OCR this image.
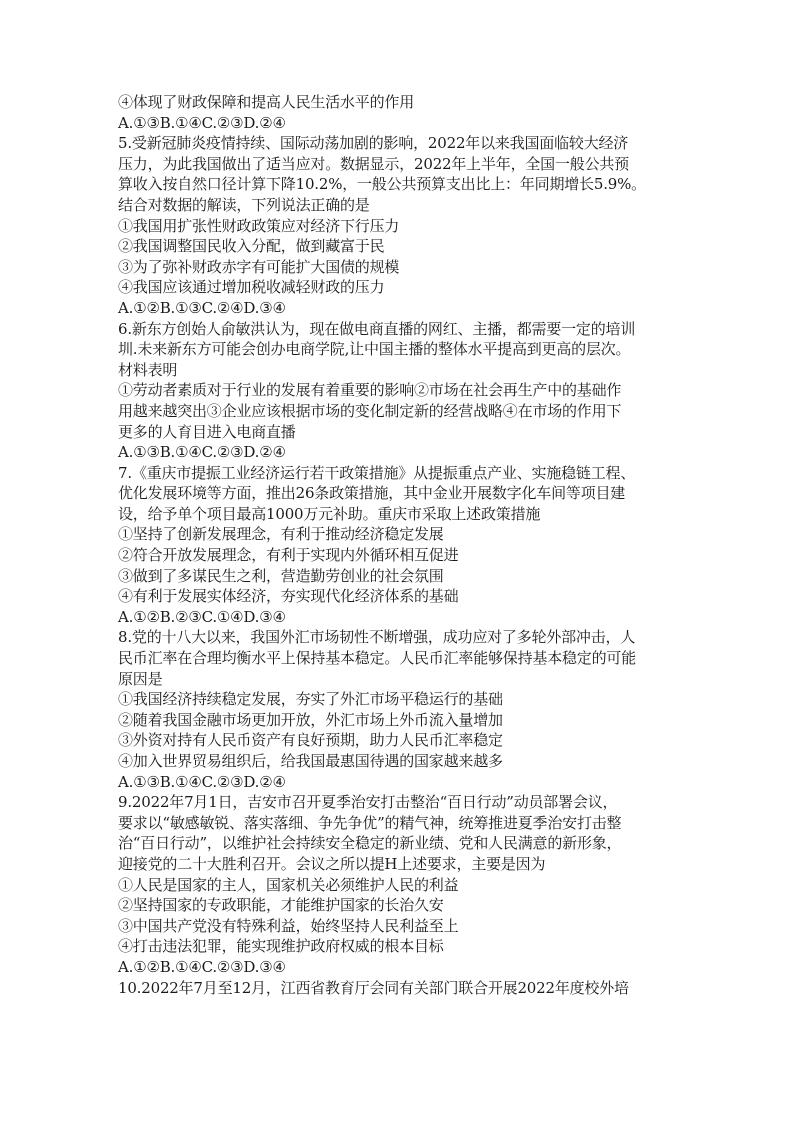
④体现了财政保障和提高人民生活水平的作用
A.①③B.①④C.②③D.②④
5.受新冠肺炎疫情持续、国际动荡加剧的影响，2022年以来我国面临较大经济
压力，为此我国做出了适当应对。数据显示，2022年上半年，全国一般公共预
算收入按自然口径计算下降10.2%，一般公共预算支出比上：年同期增长5.9%。
结合对数据的解读，下列说法正确的是
①我国用扩张性财政政策应对经济下行压力
②我国调整国民收入分配，做到藏富于民
③为了弥补财政赤字有可能扩大国债的规模
④我国应该通过增加税收减轻财政的压力
A.①②B.①③C.②④D.③④
6.新东方创始人俞敏洪认为，现在做电商直播的网红、主播，都需要一定的培训
圳.未来新东方可能会创办电商学院,让中国主播的整体水平提高到更高的层次。
材料表明
①劳动者素质对于行业的发展有着重要的影响②市场在社会再生产中的基础作
用越来越突出③企业应该根据市场的变化制定新的经营战略④在市场的作用下
更多的人育目进入电商直播
A.①③B.①④C.②③D.②④
7.《重庆市提振工业经济运行若干政策措施》从提振重点产业、实施稳链工程、
优化发展环境等方面，推出26条政策措施，其中金业开展数字化车间等项目建
设，给予单个项目最高1000万元补助。重庆市采取上述政策措施
①坚持了创新发展理念，有利于推动经济稳定发展
②符合开放发展理念，有利于实现内外循环相互促进
③做到了多谋民生之利，营造勤劳创业的社会氛围
④有利于发展实体经济，夯实现代化经济体系的基础
A.①②B.②③C.①④D.③④
8.党的十八大以来，我国外汇市场韧性不断增强，成功应对了多轮外部冲击，人
民币汇率在合理均衡水平上保持基本稳定。人民币汇率能够保持基本稳定的可能
原因是
①我国经济持续稳定发展，夯实了外汇市场平稳运行的基础
②随着我国金融市场更加开放，外汇市场上外币流入量增加
③外资对持有人民币资产有良好预期，助力人民币汇率稳定
④加入世界贸易组织后，给我国最惠国待遇的国家越来越多
A.①③B.①④C.②③D.②④
9.2022年7月1日，吉安市召开夏季治安打击整治“百日行动”动员部署会议，
要求以“敏感敏锐、落实落细、争先争优”的精气神，统筹推进夏季治安打击整
治“百日行动”，以维护社会持续安全稳定的新业绩、党和人民满意的新形象，
迎接党的二十大胜利召开。会议之所以提H上述要求，主要是因为
①人民是国家的主人，国家机关必须维护人民的利益
②坚持国家的专政职能，才能维护国家的长治久安
③中国共产党没有特殊利益，始终坚持人民利益至上
④打击违法犯罪，能实现维护政府权威的根本目标
A.①②B.①④C.②③D.③④
10.2022年7月至12月，江西省教育厅会同有关部门联合开展2022年度校外培
